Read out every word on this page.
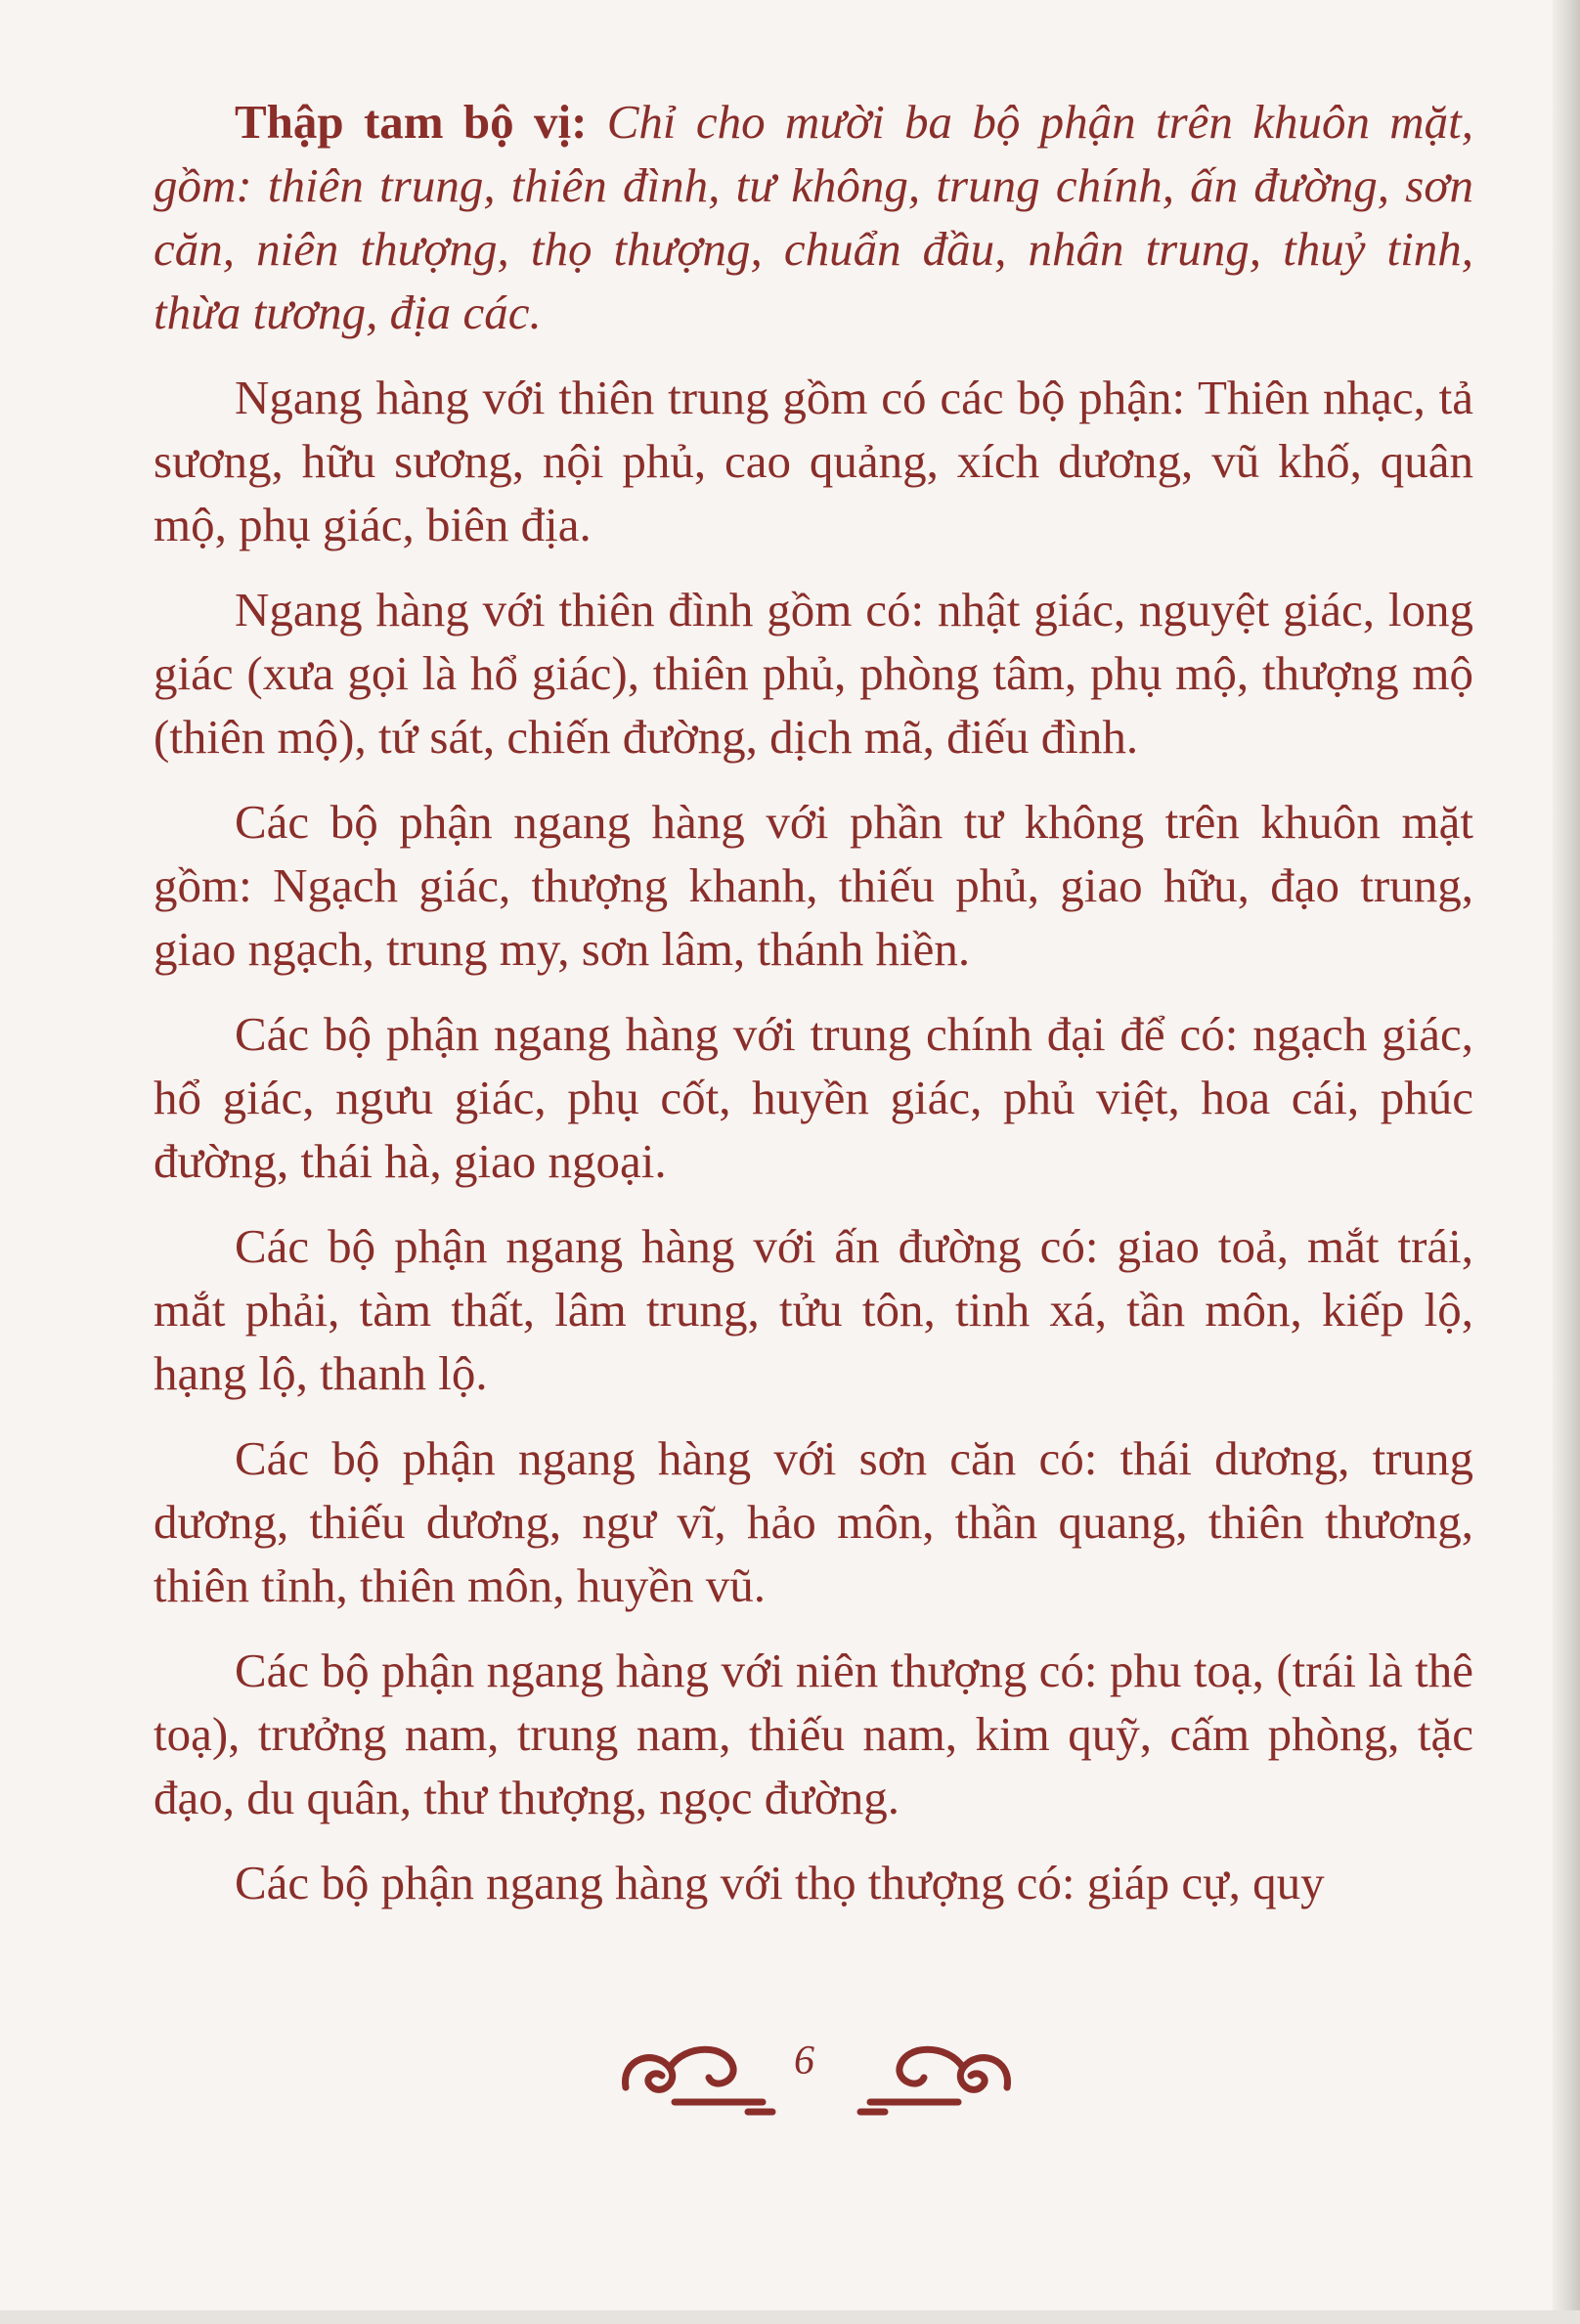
Thập tam bộ vị: Chỉ cho mười ba bộ phận trên khuôn mặt, gồm: thiên trung, thiên đình, tư không, trung chính, ấn đường, sơn căn, niên thượng, thọ thượng, chuẩn đầu, nhân trung, thuỷ tinh, thừa tương, địa các.

Ngang hàng với thiên trung gồm có các bộ phận: Thiên nhạc, tả sương, hữu sương, nội phủ, cao quảng, xích dương, vũ khố, quân mộ, phụ giác, biên địa.

Ngang hàng với thiên đình gồm có: nhật giác, nguyệt giác, long giác (xưa gọi là hổ giác), thiên phủ, phòng tâm, phụ mộ, thượng mộ (thiên mộ), tứ sát, chiến đường, dịch mã, điếu đình.

Các bộ phận ngang hàng với phần tư không trên khuôn mặt gồm: Ngạch giác, thượng khanh, thiếu phủ, giao hữu, đạo trung, giao ngạch, trung my, sơn lâm, thánh hiền.

Các bộ phận ngang hàng với trung chính đại để có: ngạch giác, hổ giác, ngưu giác, phụ cốt, huyền giác, phủ việt, hoa cái, phúc đường, thái hà, giao ngoại.

Các bộ phận ngang hàng với ấn đường có: giao toả, mắt trái, mắt phải, tàm thất, lâm trung, tửu tôn, tinh xá, tần môn, kiếp lộ, hạng lộ, thanh lộ.

Các bộ phận ngang hàng với sơn căn có: thái dương, trung dương, thiếu dương, ngư vĩ, hảo môn, thần quang, thiên thương, thiên tỉnh, thiên môn, huyền vũ.

Các bộ phận ngang hàng với niên thượng có: phu toạ, (trái là thê toạ), trưởng nam, trung nam, thiếu nam, kim quỹ, cấm phòng, tặc đạo, du quân, thư thượng, ngọc đường.

Các bộ phận ngang hàng với thọ thượng có: giáp cự, quy

6
